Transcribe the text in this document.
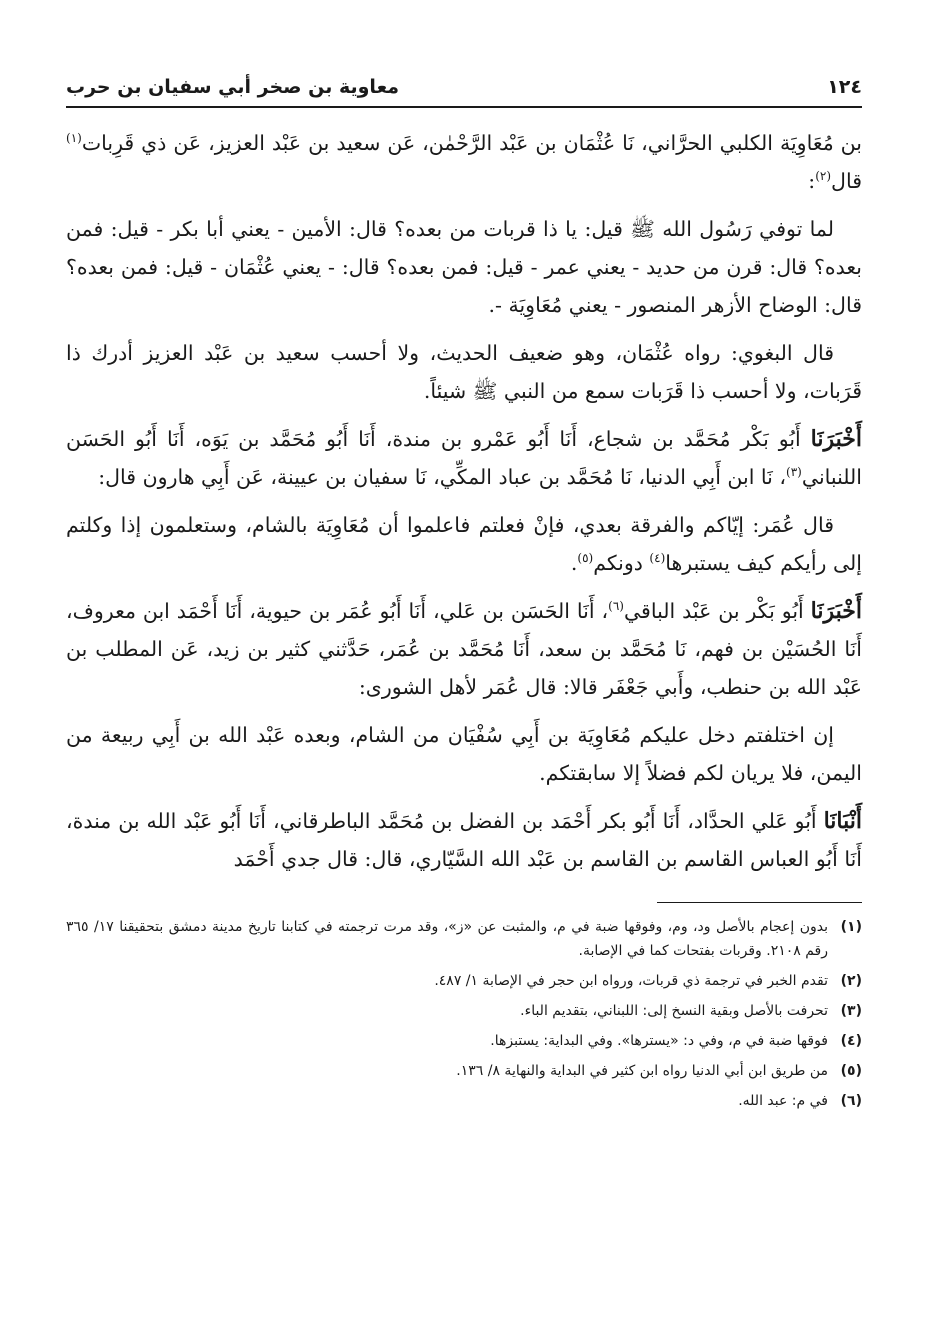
١٢٤
معاوية بن صخر أبي سفيان بن حرب

بن مُعَاوِيَة الكلبي الحرَّاني، نَا عُثْمَان بن عَبْد الرَّحْمٰن، عَن سعيد بن عَبْد العزيز، عَن ذي قَرِبات$^{(١)}$ قال$^{(٢)}$:

لما توفي رَسُول الله ﷺ قيل: يا ذا قربات من بعده؟ قال: الأمين - يعني أبا بكر - قيل: فمن بعده؟ قال: قرن من حديد - يعني عمر - قيل: فمن بعده؟ قال: - يعني عُثْمَان - قيل: فمن بعده؟ قال: الوضاح الأزهر المنصور - يعني مُعَاوِيَة -.

قال البغوي: رواه عُثْمَان، وهو ضعيف الحديث، ولا أحسب سعيد بن عَبْد العزيز أدرك ذا قَرَبات، ولا أحسب ذا قَرَبات سمع من النبي ﷺ شيئاً.

أَخْبَرَنَا أَبُو بَكْر مُحَمَّد بن شجاع، أَنَا أَبُو عَمْرو بن مندة، أَنَا أَبُو مُحَمَّد بن يَوَه، أَنَا أَبُو الحَسَن اللنباني$^{(٣)}$، نَا ابن أَبِي الدنيا، نَا مُحَمَّد بن عباد المكِّي، نَا سفيان بن عيينة، عَن أَبِي هارون قال:

قال عُمَر: إيّاكم والفرقة بعدي، فإنْ فعلتم فاعلموا أن مُعَاوِيَة بالشام، وستعلمون إذا وكلتم إلى رأيكم كيف يستبرها$^{(٤)}$ دونكم$^{(٥)}$.

أَخْبَرَنَا أَبُو بَكْر بن عَبْد الباقي$^{(٦)}$، أَنَا الحَسَن بن عَلي، أَنَا أَبُو عُمَر بن حيوية، أَنَا أَحْمَد ابن معروف، أَنَا الحُسَيْن بن فهم، نَا مُحَمَّد بن سعد، أَنَا مُحَمَّد بن عُمَر، حَدَّثني كثير بن زيد، عَن المطلب بن عَبْد الله بن حنطب، وأَبي جَعْفَر قالا: قال عُمَر لأهل الشورى:

إن اختلفتم دخل عليكم مُعَاوِيَة بن أَبِي سُفْيَان من الشام، وبعده عَبْد الله بن أَبِي ربيعة من اليمن، فلا يريان لكم فضلاً إلا سابقتكم.

أَنْبَانَا أَبُو عَلي الحدَّاد، أَنَا أَبُو بكر أَحْمَد بن الفضل بن مُحَمَّد الباطرقاني، أَنَا أَبُو عَبْد الله بن مندة، أَنَا أَبُو العباس القاسم بن القاسم بن عَبْد الله السَّيّاري، قال: قال جدي أَحْمَد

(١)
بدون إعجام بالأصل ود، وم، وفوقها ضبة في م، والمثبت عن «ز»، وقد مرت ترجمته في كتابنا تاريخ مدينة دمشق بتحقيقنا ١٧/ ٣٦٥ رقم ٢١٠٨. وقربات بفتحات كما في الإصابة.
(٢)
تقدم الخبر في ترجمة ذي قربات، ورواه ابن حجر في الإصابة ١/ ٤٨٧.
(٣)
تحرفت بالأصل وبقية النسخ إلى: اللبناني، بتقديم الباء.
(٤)
فوقها ضبة في م، وفي د: «يسترها». وفي البداية: يستبزها.
(٥)
من طريق ابن أبي الدنيا رواه ابن كثير في البداية والنهاية ٨/ ١٣٦.
(٦)
في م: عبد الله.
